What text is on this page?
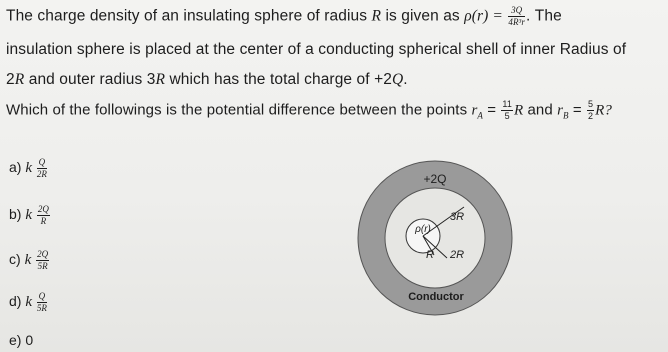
The charge density of an insulating sphere of radius R is given as $\rho(r) = \frac{3Q}{\text{4R³r}}$ . The
insulation sphere is placed at the center of a conducting spherical shell of inner Radius of
2R and outer radius 3R which has the total charge of +2Q.
Which of the followings is the potential difference between the points $r_A = \frac{11}{5}$ R and $r_B = \frac{5}{2} R$?
a) k $\frac{Q}{2R}$
b) k $\frac{2Q}{R}$
c) k $\frac{2Q}{5R}$
d) k $\frac{Q}{5R}$
e) 0
+2Q
ρ(r)
3R
2R
R
Conductor
